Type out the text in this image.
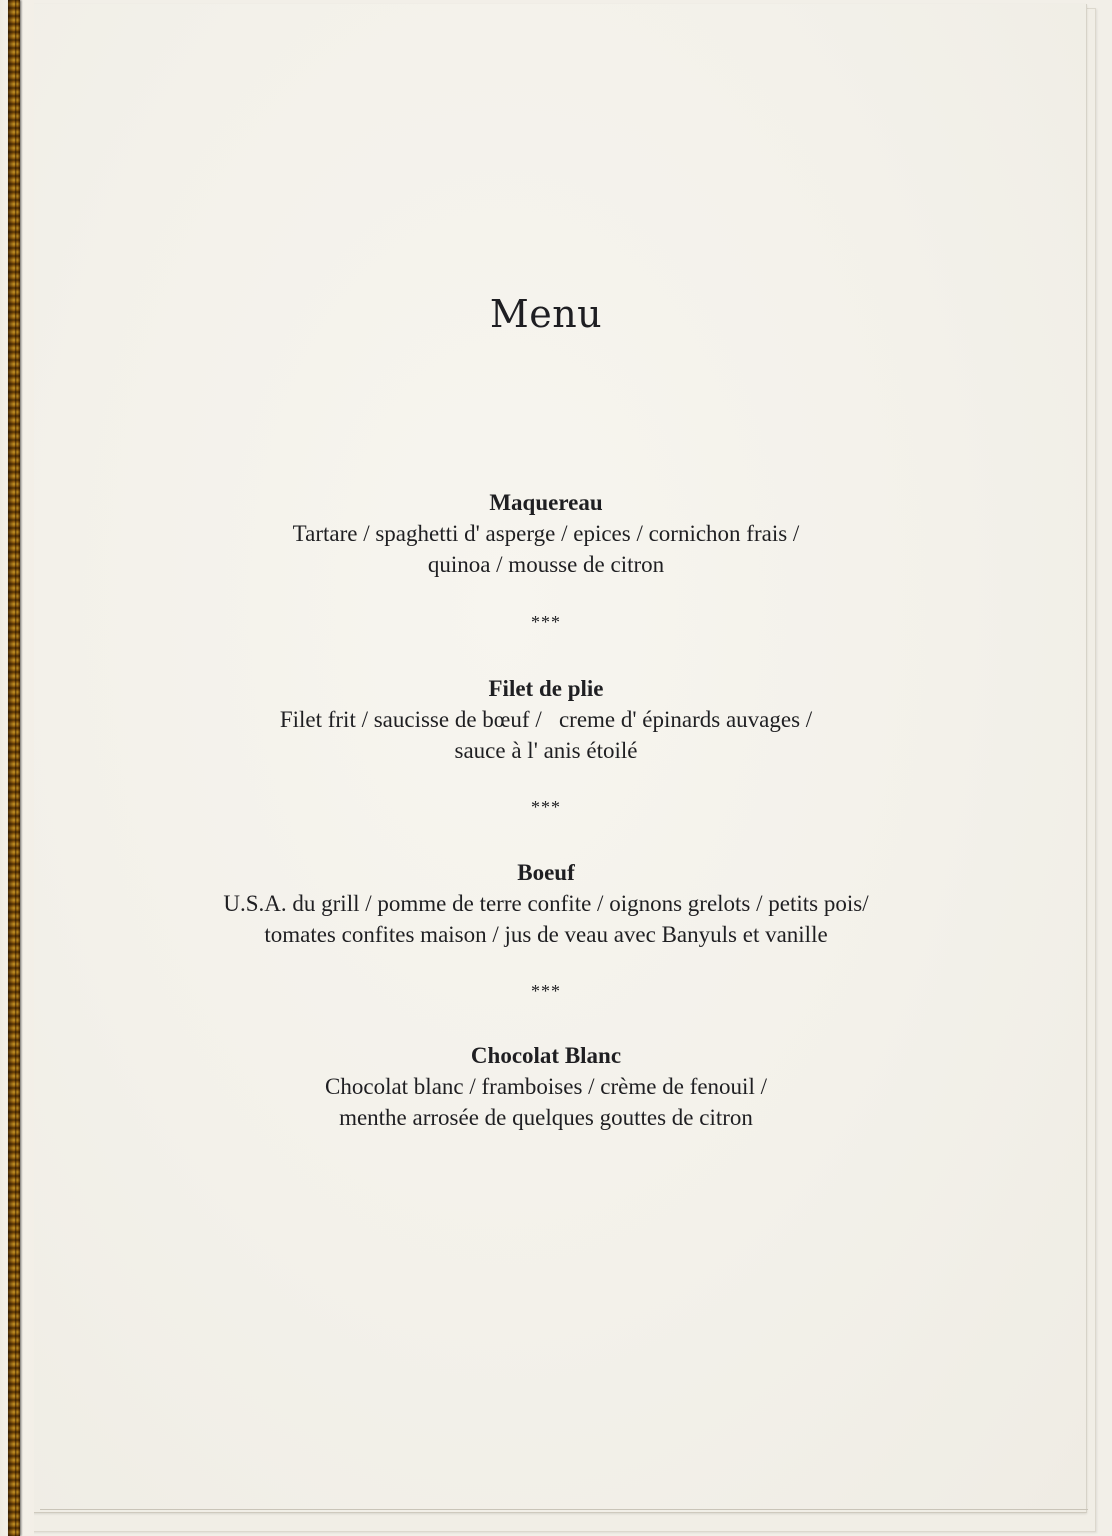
Menu
Maquereau
Tartare / spaghetti d' asperge / epices / cornichon frais /
quinoa / mousse de citron
***
Filet de plie
Filet frit / saucisse de bœuf /   creme d' épinards auvages /
sauce à l' anis étoilé
***
Boeuf
U.S.A. du grill / pomme de terre confite / oignons grelots / petits pois/
tomates confites maison / jus de veau avec Banyuls et vanille
***
Chocolat Blanc
Chocolat blanc / framboises / crème de fenouil /
menthe arrosée de quelques gouttes de citron
